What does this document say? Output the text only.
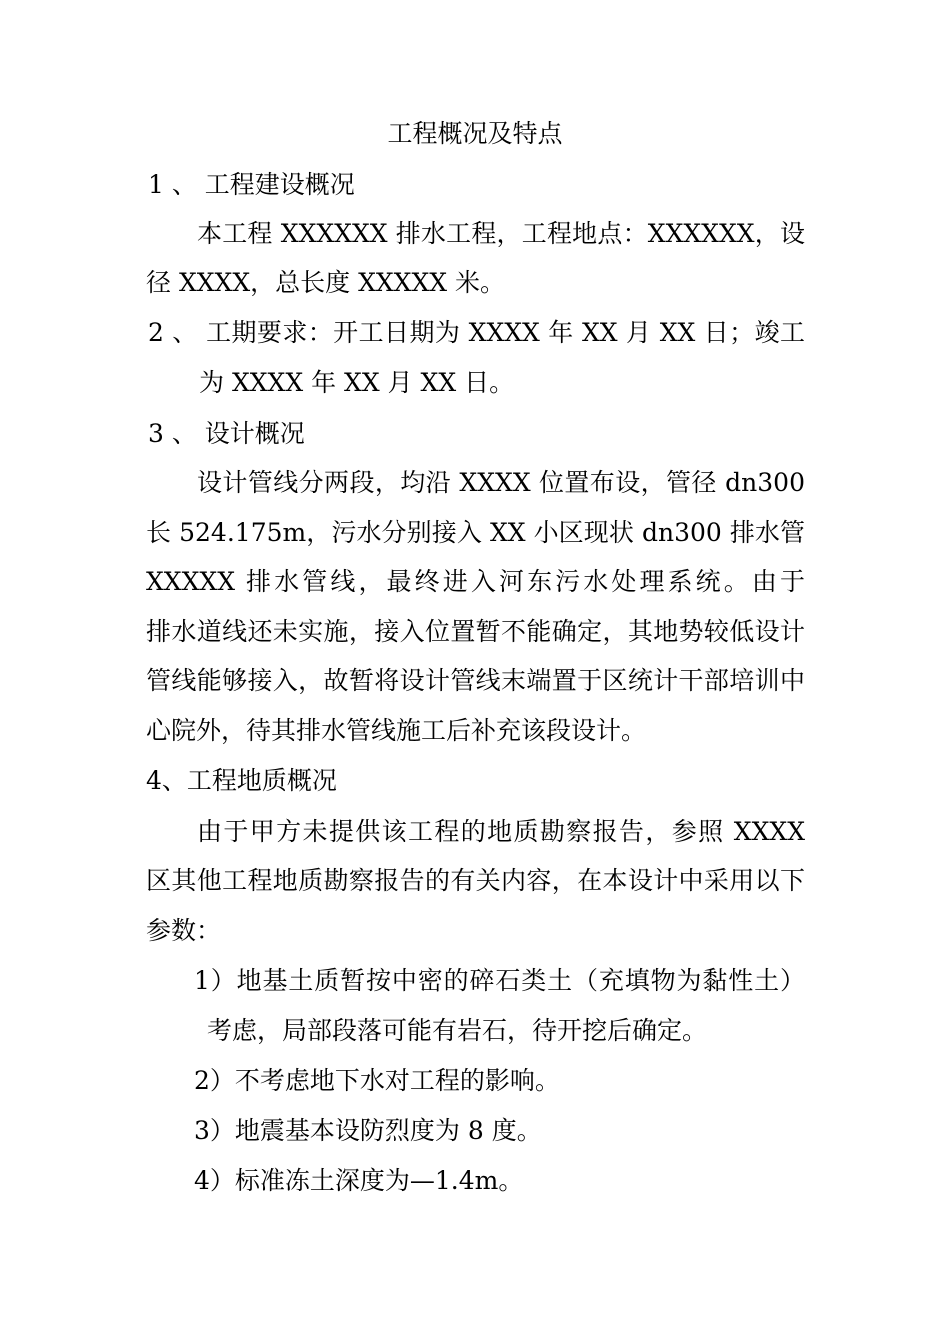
工程概况及特点
1 、 工程建设概况
本工程 XXXXXX 排水工程，工程地点：XXXXXX，设
径 XXXX，总长度 XXXXX 米。
2 、 工期要求：开工日期为 XXXX 年 XX 月 XX 日；竣工
为 XXXX 年 XX 月 XX 日。
3 、 设计概况
设计管线分两段，均沿 XXXX 位置布设，管径 dn300
长 524.175m，污水分别接入 XX 小区现状 dn300 排水管
XXXXX 排水管线，最终进入河东污水处理系统。由于
排水道线还未实施，接入位置暂不能确定，其地势较低设计
管线能够接入，故暂将设计管线末端置于区统计干部培训中
心院外，待其排水管线施工后补充该段设计。
4、工程地质概况
由于甲方未提供该工程的地质勘察报告，参照 XXXX
区其他工程地质勘察报告的有关内容，在本设计中采用以下
参数：
1）地基土质暂按中密的碎石类土（充填物为黏性土）
考虑，局部段落可能有岩石，待开挖后确定。
2）不考虑地下水对工程的影响。
3）地震基本设防烈度为 8 度。
4）标准冻土深度为—1.4m。
